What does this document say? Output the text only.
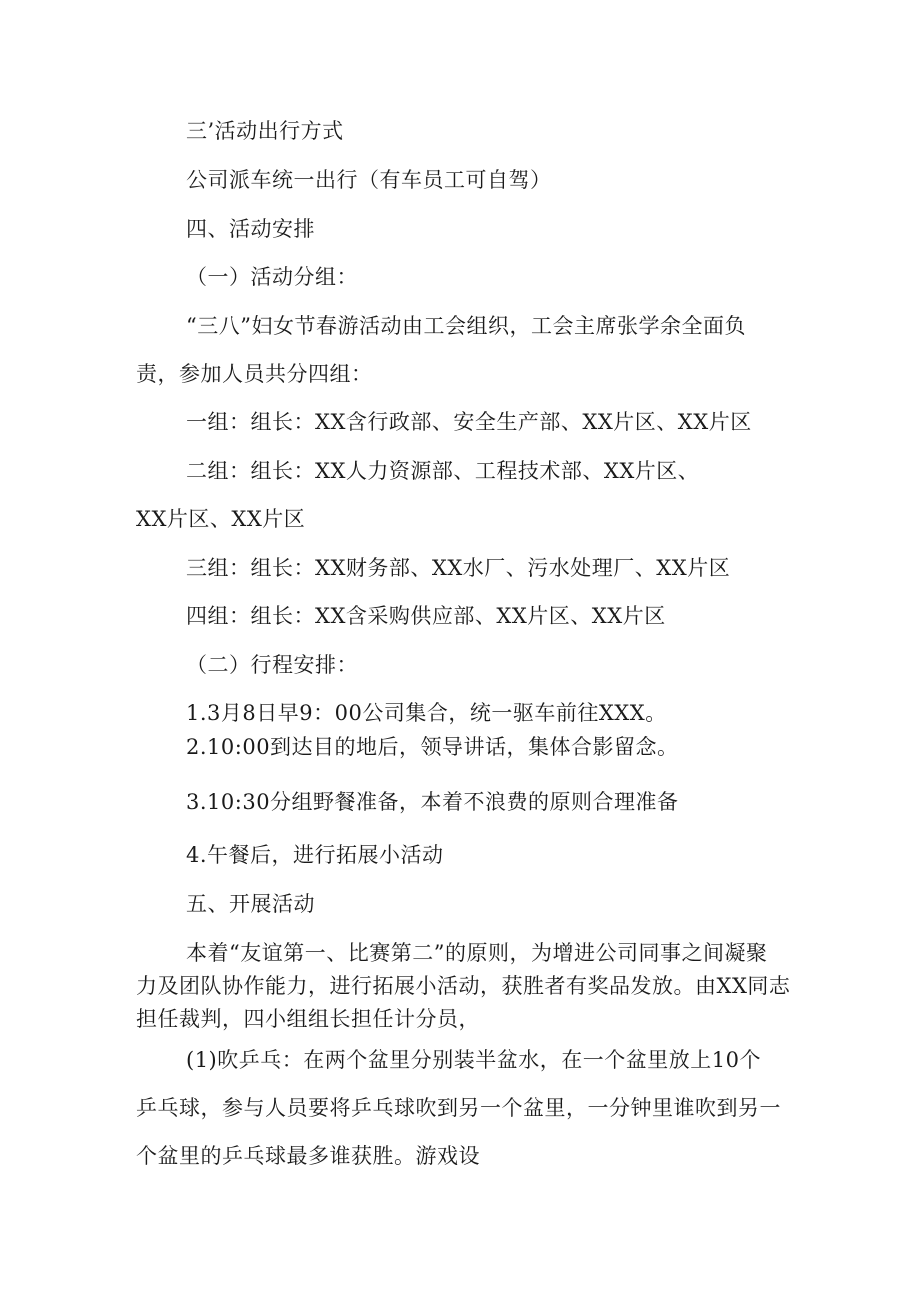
三’活动出行方式
公司派车统一出行（有车员工可自驾）
四、活动安排
（一）活动分组：
“三八”妇女节春游活动由工会组织，工会主席张学余全面负
责，参加人员共分四组：
一组：组长：XX含行政部、安全生产部、XX片区、XX片区
二组：组长：XX人力资源部、工程技术部、XX片区、
XX片区、XX片区
三组：组长：XX财务部、XX水厂、污水处理厂、XX片区
四组：组长：XX含采购供应部、XX片区、XX片区
（二）行程安排：
1.3月8日早9：00公司集合，统一驱车前往XXX。
2.10:00到达目的地后，领导讲话，集体合影留念。
3.10:30分组野餐准备，本着不浪费的原则合理准备
4.午餐后，进行拓展小活动
五、开展活动
本着“友谊第一、比赛第二”的原则，为增进公司同事之间凝聚
力及团队协作能力，进行拓展小活动，获胜者有奖品发放。由XX同志
担任裁判，四小组组长担任计分员，
(1)吹乒乓：在两个盆里分别装半盆水，在一个盆里放上10个
乒乓球，参与人员要将乒乓球吹到另一个盆里，一分钟里谁吹到另一
个盆里的乒乓球最多谁获胜。游戏设
